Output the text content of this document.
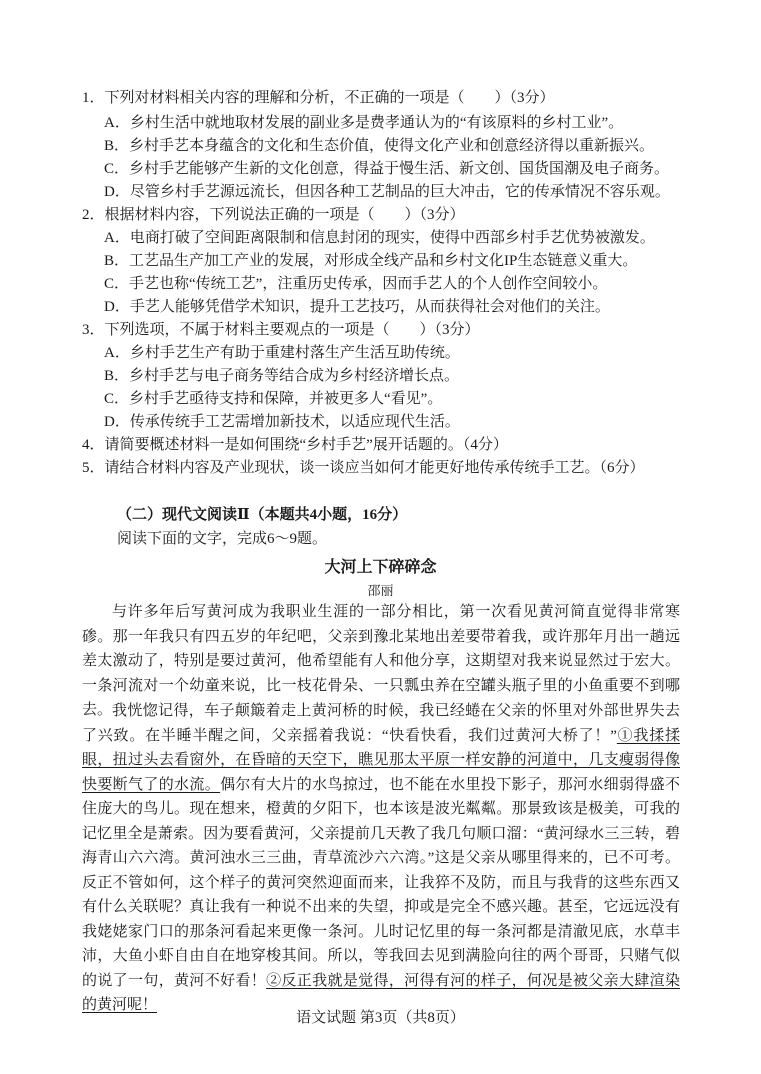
1．下列对材料相关内容的理解和分析，不正确的一项是（　　）（3分）
A．乡村生活中就地取材发展的副业多是费孝通认为的“有该原料的乡村工业”。
B．乡村手艺本身蕴含的文化和生态价值，使得文化产业和创意经济得以重新振兴。
C．乡村手艺能够产生新的文化创意，得益于慢生活、新文创、国货国潮及电子商务。
D．尽管乡村手艺源远流长，但因各种工艺制品的巨大冲击，它的传承情况不容乐观。
2．根据材料内容，下列说法正确的一项是（　　）（3分）
A．电商打破了空间距离限制和信息封闭的现实，使得中西部乡村手艺优势被激发。
B．工艺品生产加工产业的发展，对形成全线产品和乡村文化IP生态链意义重大。
C．手艺也称“传统工艺”，注重历史传承，因而手艺人的个人创作空间较小。
D．手艺人能够凭借学术知识，提升工艺技巧，从而获得社会对他们的关注。
3．下列选项，不属于材料主要观点的一项是（　　）（3分）
A．乡村手艺生产有助于重建村落生产生活互助传统。
B．乡村手艺与电子商务等结合成为乡村经济增长点。
C．乡村手艺亟待支持和保障，并被更多人“看见”。
D．传承传统手工艺需增加新技术，以适应现代生活。
4．请简要概述材料一是如何围绕“乡村手艺”展开话题的。（4分）
5．请结合材料内容及产业现状，谈一谈应当如何才能更好地传承传统手工艺。（6分）
（二）现代文阅读Ⅱ（本题共4小题，16分）
阅读下面的文字，完成6～9题。
大河上下碎碎念
邵丽
与许多年后写黄河成为我职业生涯的一部分相比，第一次看见黄河简直觉得非常寒碜。那一年我只有四五岁的年纪吧，父亲到豫北某地出差要带着我，或许那年月出一趟远差太激动了，特别是要过黄河，他希望能有人和他分享，这期望对我来说显然过于宏大。一条河流对一个幼童来说，比一枝花骨朵、一只瓢虫养在空罐头瓶子里的小鱼重要不到哪去。 我恍惚记得，车子颠簸着走上黄河桥的时候，我已经蜷在父亲的怀里对外部世界失去了兴致。在半睡半醒之间，父亲摇着我说：“快看快看，我们过黄河大桥了！”①我揉揉眼，扭过头去看窗外，在昏暗的天空下，瞧见那太平原一样安静的河道中，几支瘦弱得像快要断气了的水流。偶尔有大片的水鸟掠过，也不能在水里投下影子，那河水细弱得盛不住庞大的鸟儿。现在想来，橙黄的夕阳下，也本该是波光粼粼。那景致该是极美，可我的记忆里全是萧索。因为要看黄河，父亲提前几天教了我几句顺口溜：“黄河绿水三三转，碧海青山六六湾。黄河浊水三三曲，青草流沙六六湾。”这是父亲从哪里得来的，已不可考。反正不管如何，这个样子的黄河突然迎面而来，让我猝不及防，而且与我背的这些东西又有什么关联呢？真让我有一种说不出来的失望，抑或是完全不感兴趣。甚至，它远远没有我姥姥家门口的那条河看起来更像一条河。儿时记忆里的每一条河都是清澈见底，水草丰沛，大鱼小虾自由自在地穿梭其间。所以，等我回去见到满脸向往的两个哥哥，只赌气似的说了一句，黄河不好看！②反正我就是觉得，河得有河的样子，何况是被父亲大肆渲染的黄河呢！
语文试题 第3页（共8页）
